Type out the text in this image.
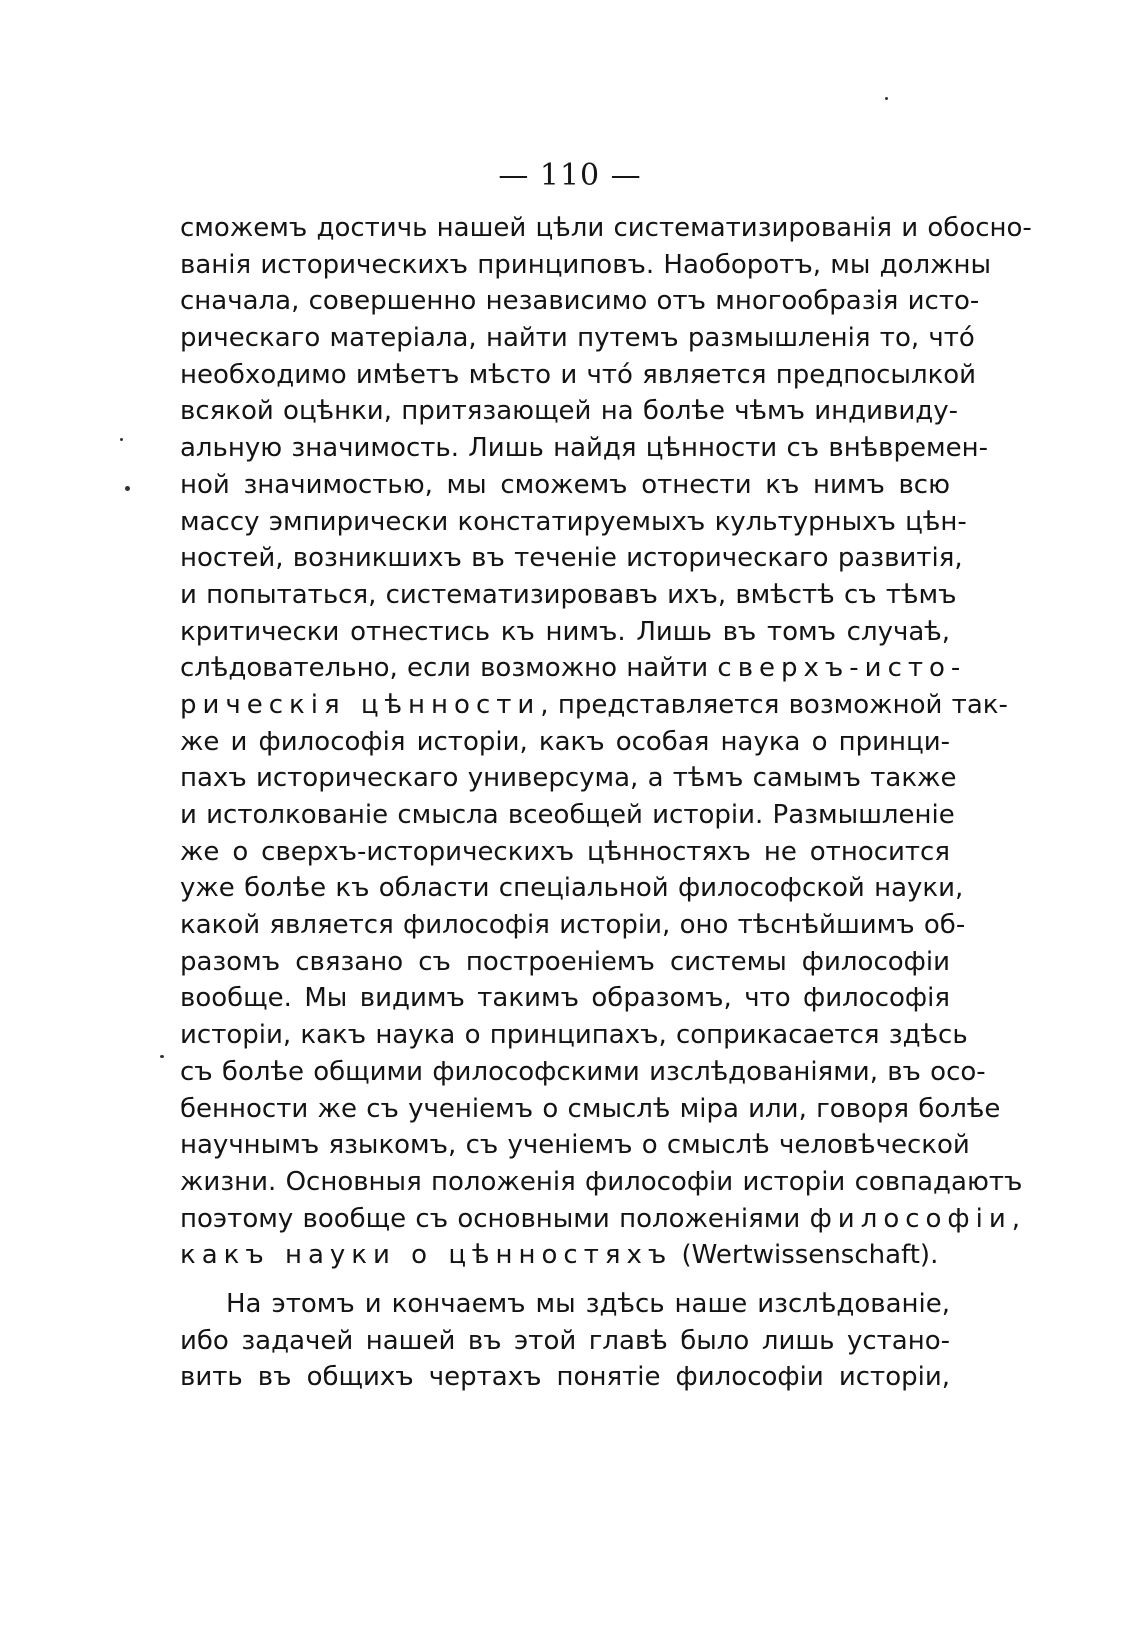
— 110 —
сможемъ достичь нашей цѣли систематизированія и обосно-
ванія историческихъ принциповъ. Наоборотъ, мы должны
сначала, совершенно независимо отъ многообразія исто-
рическаго матеріала, найти путемъ размышленія то, чтó
необходимо имѣетъ мѣсто и чтó является предпосылкой
всякой оцѣнки, притязающей на болѣе чѣмъ индивиду-
альную значимость. Лишь найдя цѣнности съ внѣвремен-
ной значимостью, мы сможемъ отнести къ нимъ всю
массу эмпирически констатируемыхъ культурныхъ цѣн-
ностей, возникшихъ въ теченіе историческаго развитія,
и попытаться, систематизировавъ ихъ, вмѣстѣ съ тѣмъ
критически отнестись къ нимъ. Лишь въ томъ случаѣ,
слѣдовательно, если возможно найти сверхъ-исто-
рическія цѣнности, представляется возможной так-
же и философія исторіи, какъ особая наука о принци-
пахъ историческаго универсума, а тѣмъ самымъ также
и истолкованіе смысла всеобщей исторіи. Размышленіе
же о сверхъ-историческихъ цѣнностяхъ не относится
уже болѣе къ области спеціальной философской науки,
какой является философія исторіи, оно тѣснѣйшимъ об-
разомъ связано съ построеніемъ системы философіи
вообще. Мы видимъ такимъ образомъ, что философія
исторіи, какъ наука о принципахъ, соприкасается здѣсь
съ болѣе общими философскими изслѣдованіями, въ осо-
бенности же съ ученіемъ о смыслѣ міра или, говоря болѣе
научнымъ языкомъ, съ ученіемъ о смыслѣ человѣческой
жизни. Основныя положенія философіи исторіи совпадаютъ
поэтому вообще съ основными положеніями философіи,
какъ науки о цѣнностяхъ (Wertwissenschaft).
На этомъ и кончаемъ мы здѣсь наше изслѣдованіе,
ибо задачей нашей въ этой главѣ было лишь устано-
вить въ общихъ чертахъ понятіе философіи исторіи,
